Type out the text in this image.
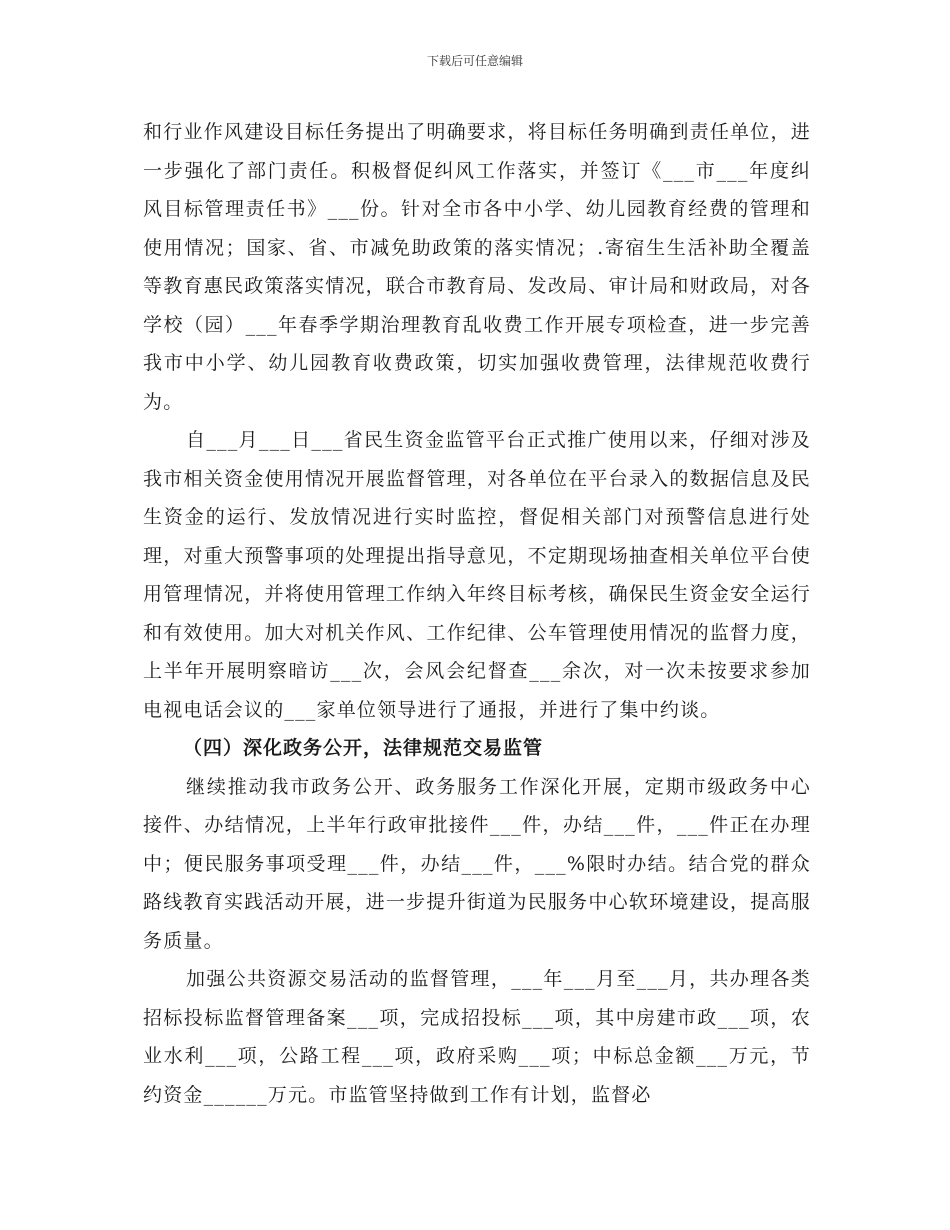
下载后可任意编辑

和行业作风建设目标任务提出了明确要求，将目标任务明确到责任单位，进一步强化了部门责任。积极督促纠风工作落实，并签订《___市___年度纠风目标管理责任书》___份。针对全市各中小学、幼儿园教育经费的管理和使用情况；国家、省、市减免助政策的落实情况；.寄宿生生活补助全覆盖等教育惠民政策落实情况，联合市教育局、发改局、审计局和财政局，对各学校（园）___年春季学期治理教育乱收费工作开展专项检查，进一步完善我市中小学、幼儿园教育收费政策，切实加强收费管理，法律规范收费行为。

自___月___日___省民生资金监管平台正式推广使用以来，仔细对涉及我市相关资金使用情况开展监督管理，对各单位在平台录入的数据信息及民生资金的运行、发放情况进行实时监控，督促相关部门对预警信息进行处理，对重大预警事项的处理提出指导意见，不定期现场抽查相关单位平台使用管理情况，并将使用管理工作纳入年终目标考核，确保民生资金安全运行和有效使用。加大对机关作风、工作纪律、公车管理使用情况的监督力度，上半年开展明察暗访___次，会风会纪督查___余次，对一次未按要求参加电视电话会议的___家单位领导进行了通报，并进行了集中约谈。

（四）深化政务公开，法律规范交易监管

继续推动我市政务公开、政务服务工作深化开展，定期市级政务中心接件、办结情况，上半年行政审批接件___件，办结___件，___件正在办理中；便民服务事项受理___件，办结___件，___%限时办结。结合党的群众路线教育实践活动开展，进一步提升街道为民服务中心软环境建设，提高服务质量。

加强公共资源交易活动的监督管理，___年___月至___月，共办理各类招标投标监督管理备案___项，完成招投标___项，其中房建市政___项，农业水利___项，公路工程___项，政府采购___项；中标总金额___万元，节约资金______万元。市监管坚持做到工作有计划，监督必
